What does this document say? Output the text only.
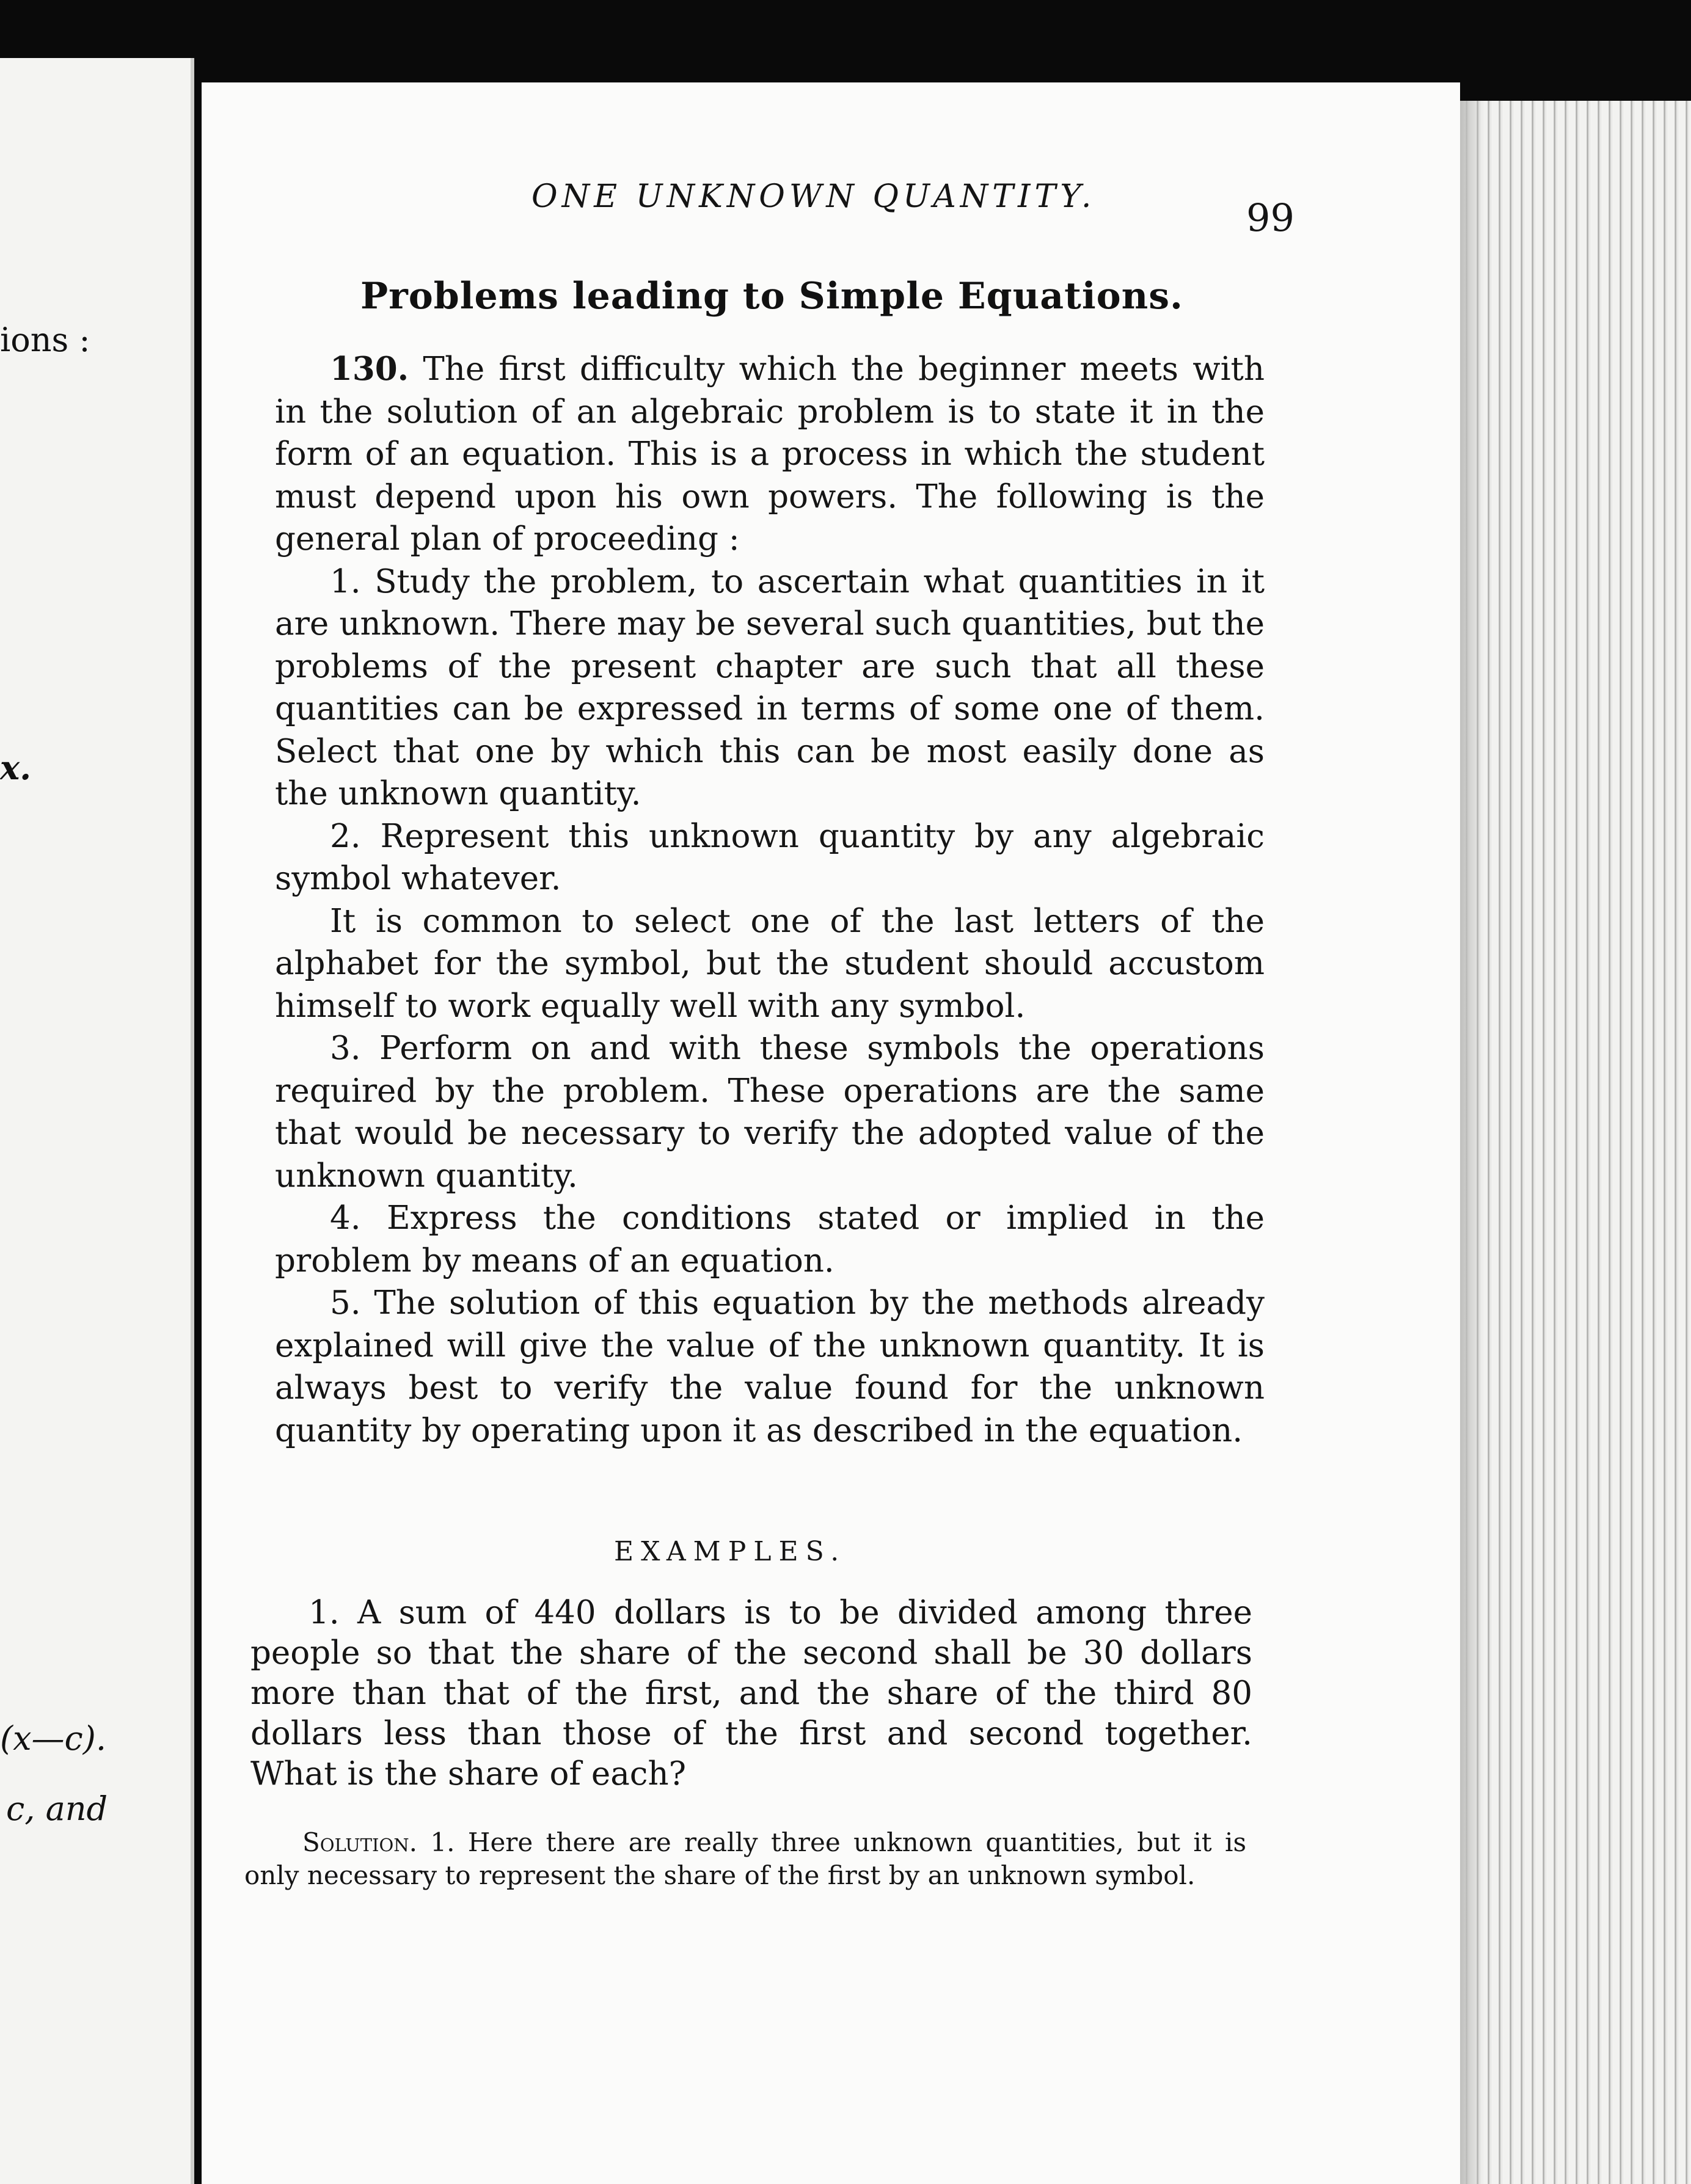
ions :
x.
(x—c).
c, and
ONE UNKNOWN QUANTITY.	99
Problems leading to Simple Equations.

130. The first difficulty which the beginner meets with in the solution of an algebraic problem is to state it in the form of an equation. This is a process in which the student must depend upon his own powers. The following is the general plan of proceeding :

1. Study the problem, to ascertain what quantities in it are unknown. There may be several such quantities, but the problems of the present chapter are such that all these quantities can be expressed in terms of some one of them. Select that one by which this can be most easily done as the unknown quantity.

2. Represent this unknown quantity by any algebraic symbol whatever.

It is common to select one of the last letters of the alphabet for the symbol, but the student should accustom himself to work equally well with any symbol.

3. Perform on and with these symbols the operations required by the problem. These operations are the same that would be necessary to verify the adopted value of the unknown quantity.

4. Express the conditions stated or implied in the problem by means of an equation.

5. The solution of this equation by the methods already explained will give the value of the unknown quantity. It is always best to verify the value found for the unknown quantity by operating upon it as described in the equation.

EXAMPLES.

1. A sum of 440 dollars is to be divided among three people so that the share of the second shall be 30 dollars more than that of the first, and the share of the third 80 dollars less than those of the first and second together. What is the share of each?

Solution. 1. Here there are really three unknown quantities, but it is only necessary to represent the share of the first by an unknown symbol.
